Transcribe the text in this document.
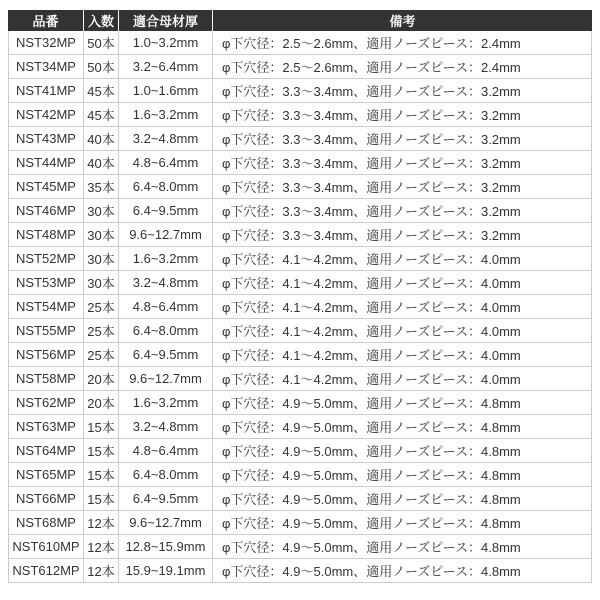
品番	入数	適合母材厚	備考
NST32MP	50本	1.0~3.2mm	φ下穴径：2.5～2.6mm、適用ノーズピース：2.4mm
NST34MP	50本	3.2~6.4mm	φ下穴径：2.5～2.6mm、適用ノーズピース：2.4mm
NST41MP	45本	1.0~1.6mm	φ下穴径：3.3～3.4mm、適用ノーズピース：3.2mm
NST42MP	45本	1.6~3.2mm	φ下穴径：3.3～3.4mm、適用ノーズピース：3.2mm
NST43MP	40本	3.2~4.8mm	φ下穴径：3.3～3.4mm、適用ノーズピース：3.2mm
NST44MP	40本	4.8~6.4mm	φ下穴径：3.3～3.4mm、適用ノーズピース：3.2mm
NST45MP	35本	6.4~8.0mm	φ下穴径：3.3～3.4mm、適用ノーズピース：3.2mm
NST46MP	30本	6.4~9.5mm	φ下穴径：3.3～3.4mm、適用ノーズピース：3.2mm
NST48MP	30本	9.6~12.7mm	φ下穴径：3.3～3.4mm、適用ノーズピース：3.2mm
NST52MP	30本	1.6~3.2mm	φ下穴径：4.1～4.2mm、適用ノーズピース：4.0mm
NST53MP	30本	3.2~4.8mm	φ下穴径：4.1～4.2mm、適用ノーズピース：4.0mm
NST54MP	25本	4.8~6.4mm	φ下穴径：4.1～4.2mm、適用ノーズピース：4.0mm
NST55MP	25本	6.4~8.0mm	φ下穴径：4.1～4.2mm、適用ノーズピース：4.0mm
NST56MP	25本	6.4~9.5mm	φ下穴径：4.1～4.2mm、適用ノーズピース：4.0mm
NST58MP	20本	9.6~12.7mm	φ下穴径：4.1～4.2mm、適用ノーズピース：4.0mm
NST62MP	20本	1.6~3.2mm	φ下穴径：4.9～5.0mm、適用ノーズピース：4.8mm
NST63MP	15本	3.2~4.8mm	φ下穴径：4.9～5.0mm、適用ノーズピース：4.8mm
NST64MP	15本	4.8~6.4mm	φ下穴径：4.9～5.0mm、適用ノーズピース：4.8mm
NST65MP	15本	6.4~8.0mm	φ下穴径：4.9～5.0mm、適用ノーズピース：4.8mm
NST66MP	15本	6.4~9.5mm	φ下穴径：4.9～5.0mm、適用ノーズピース：4.8mm
NST68MP	12本	9.6~12.7mm	φ下穴径：4.9～5.0mm、適用ノーズピース：4.8mm
NST610MP	12本	12.8~15.9mm	φ下穴径：4.9～5.0mm、適用ノーズピース：4.8mm
NST612MP	12本	15.9~19.1mm	φ下穴径：4.9～5.0mm、適用ノーズピース：4.8mm
